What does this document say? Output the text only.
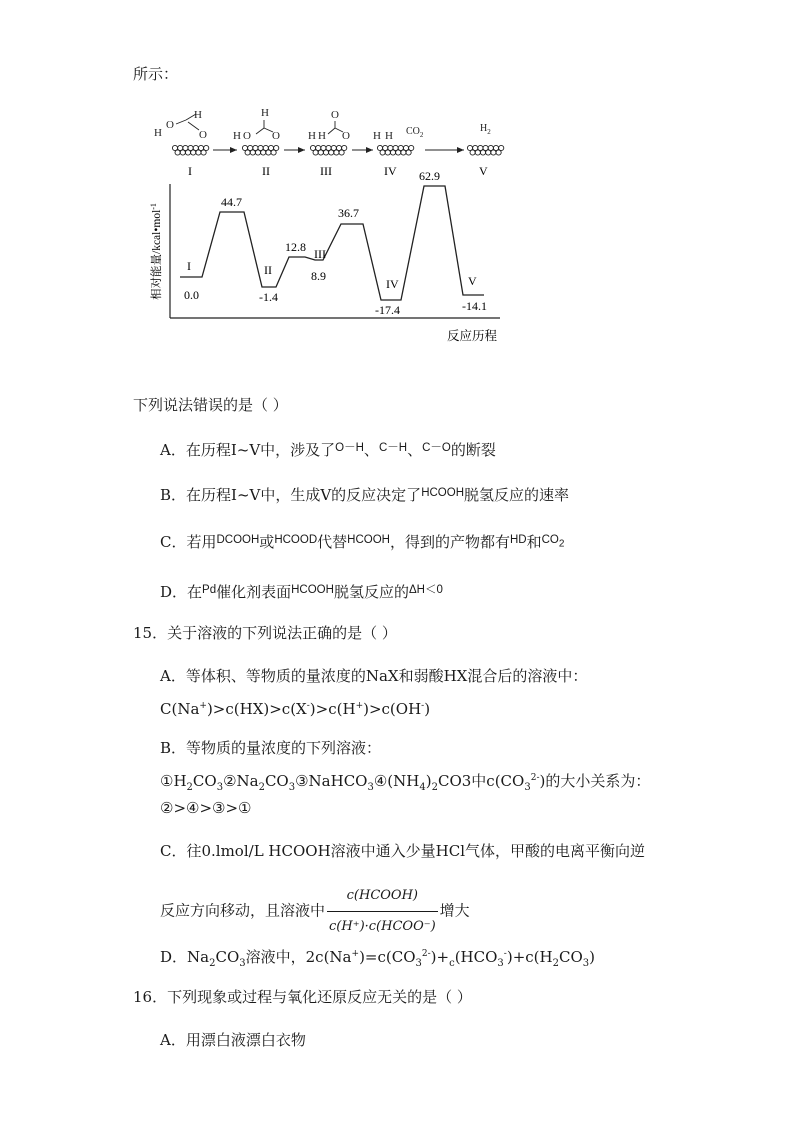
所示：
H
O
H
O
I
H
H O O
II
O
H H O
III
H H $CO_2$
IV
$H_2$
V
相对能量/kcal•mol$^{-1}$
反应历程
I	II
III
IV	V
0.0
44.7
-1.4
12.8
8.9
36.7
-17.4
62.9
-14.1
下列说法错误的是（ ）
A．在历程Ⅰ~Ⅴ中，涉及了$^{O-H}$、$^{C-H}$、$^{C-O}$的断裂
B．在历程Ⅰ~Ⅴ中，生成Ⅴ的反应决定了$^{HCOOH}$脱氢反应的速率
C．若用$^{DCOOH}$或$^{HCOOD}$代替$^{HCOOH}$，得到的产物都有$^{HD}$和$^{CO_2}$
D．在$^{Pd}$催化剂表面$^{HCOOH}$脱氢反应的$^{\Delta H<0}$
15．关于溶液的下列说法正确的是（ ）
A．等体积、等物质的量浓度的NaX和弱酸HX混合后的溶液中：
C(Na+)>c(HX)>c(X-)>c(H+)>c(OH-)
B．等物质的量浓度的下列溶液：
$①H_2CO_3②Na_2CO_3③NaHCO_3④(NH_4)_2CO3$中$c(CO_3^{2-})$的大小关系为：
②>④>③>①
C．往0.lmol/L HCOOH溶液中通入少量HCl气体，甲酸的电离平衡向逆
反应方向移动，且溶液中 $\frac{\text{c(HCOOH)}}{\text{c(H⁺)·c(HCOO⁻)}}$ 增大
D．$Na_2CO_3$溶液中，$2c(Na^+)=c(CO_3^{2-})+_c(HCO_3^-)+c(H_2CO_3)$
16．下列现象或过程与氧化还原反应无关的是（ ）
A．用漂白液漂白衣物
